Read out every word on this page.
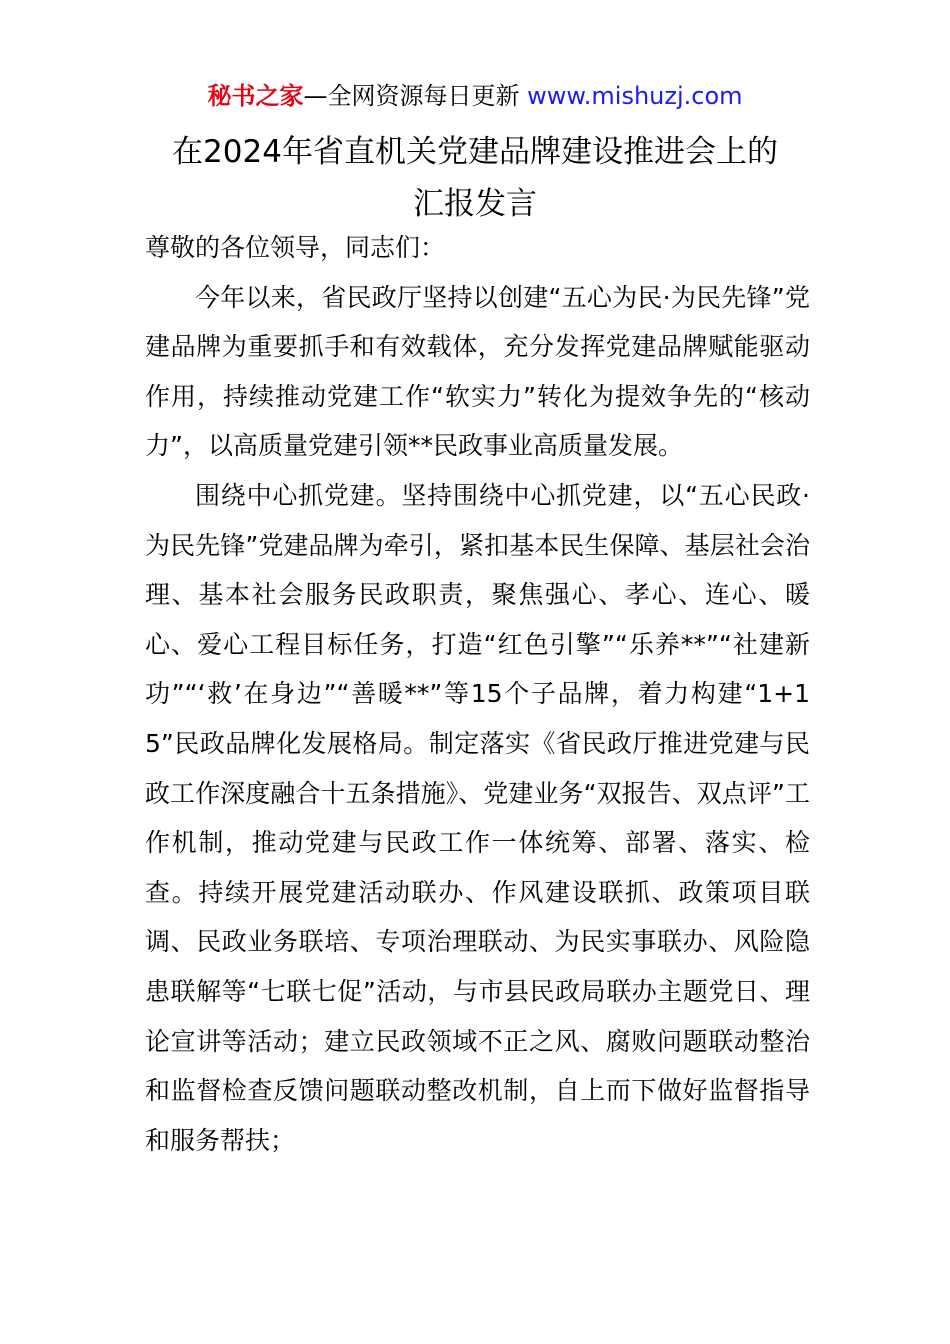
秘书之家—全网资源每日更新 www.mishuzj.com
在2024年省直机关党建品牌建设推进会上的
汇报发言

尊敬的各位领导，同志们：

今年以来，省民政厅坚持以创建“五心为民·为民先锋”党建品牌为重要抓手和有效载体，充分发挥党建品牌赋能驱动作用，持续推动党建工作“软实力”转化为提效争先的“核动力”，以高质量党建引领**民政事业高质量发展。

围绕中心抓党建。坚持围绕中心抓党建，以“五心民政·为民先锋”党建品牌为牵引，紧扣基本民生保障、基层社会治理、基本社会服务民政职责，聚焦强心、孝心、连心、暖心、爱心工程目标任务，打造“红色引擎”“乐养**”“社建新功”“‘救’在身边”“善暖**”等15个子品牌，着力构建“1+15”民政品牌化发展格局。制定落实《省民政厅推进党建与民政工作深度融合十五条措施》、党建业务“双报告、双点评”工作机制，推动党建与民政工作一体统筹、部署、落实、检查。持续开展党建活动联办、作风建设联抓、政策项目联调、民政业务联培、专项治理联动、为民实事联办、风险隐患联解等“七联七促”活动，与市县民政局联办主题党日、理论宣讲等活动；建立民政领域不正之风、腐败问题联动整治和监督检查反馈问题联动整改机制，自上而下做好监督指导和服务帮扶；
